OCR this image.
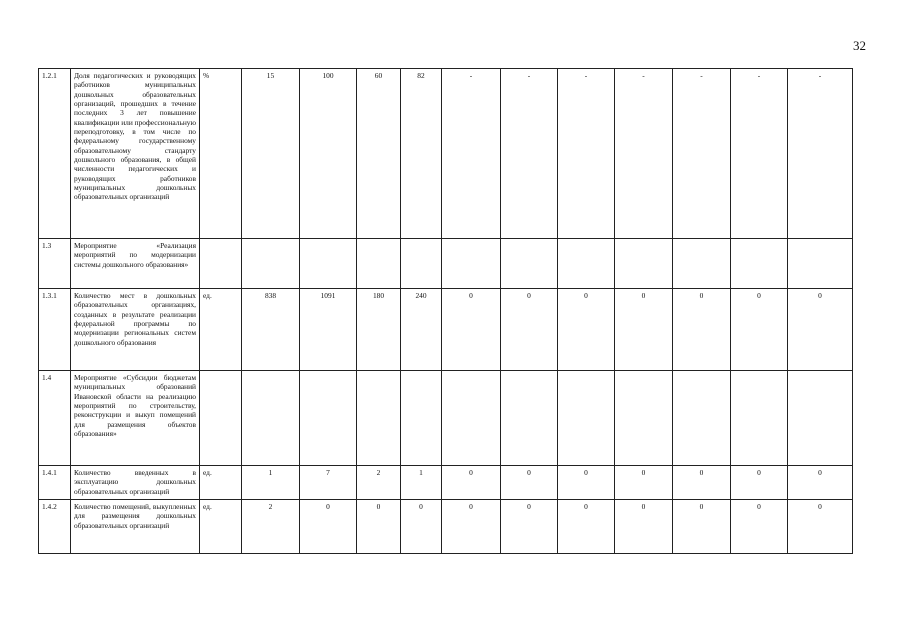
32
1.2.1	Доля педагогических и руководящих работников муниципальных дошкольных образовательных организаций, прошедших в течение последних 3 лет повышение квалификации или профессиональную переподготовку, в том числе по федеральному государственному образовательному стандарту дошкольного образования, в общей численности педагогических и руководящих работников муниципальных дошкольных образовательных организаций	%	15	100	60	82	-	-	-	-	-	-	-
1.3	Мероприятие «Реализация мероприятий по модернизации системы дошкольного образования»												
1.3.1	Количество мест в дошкольных образовательных организациях, созданных в результате реализации федеральной программы по модернизации региональных систем дошкольного образования	ед.	838	1091	180	240	0	0	0	0	0	0	0
1.4	Мероприятие «Субсидии бюджетам муниципальных образований Ивановской области на реализацию мероприятий по строительству, реконструкции и выкуп помещений для размещения объектов образования»												
1.4.1	Количество введенных в эксплуатацию дошкольных образовательных организаций	ед.	1	7	2	1	0	0	0	0	0	0	0
1.4.2	Количество помещений, выкупленных для размещения дошкольных образовательных организаций	ед.	2	0	0	0	0	0	0	0	0	0	0
